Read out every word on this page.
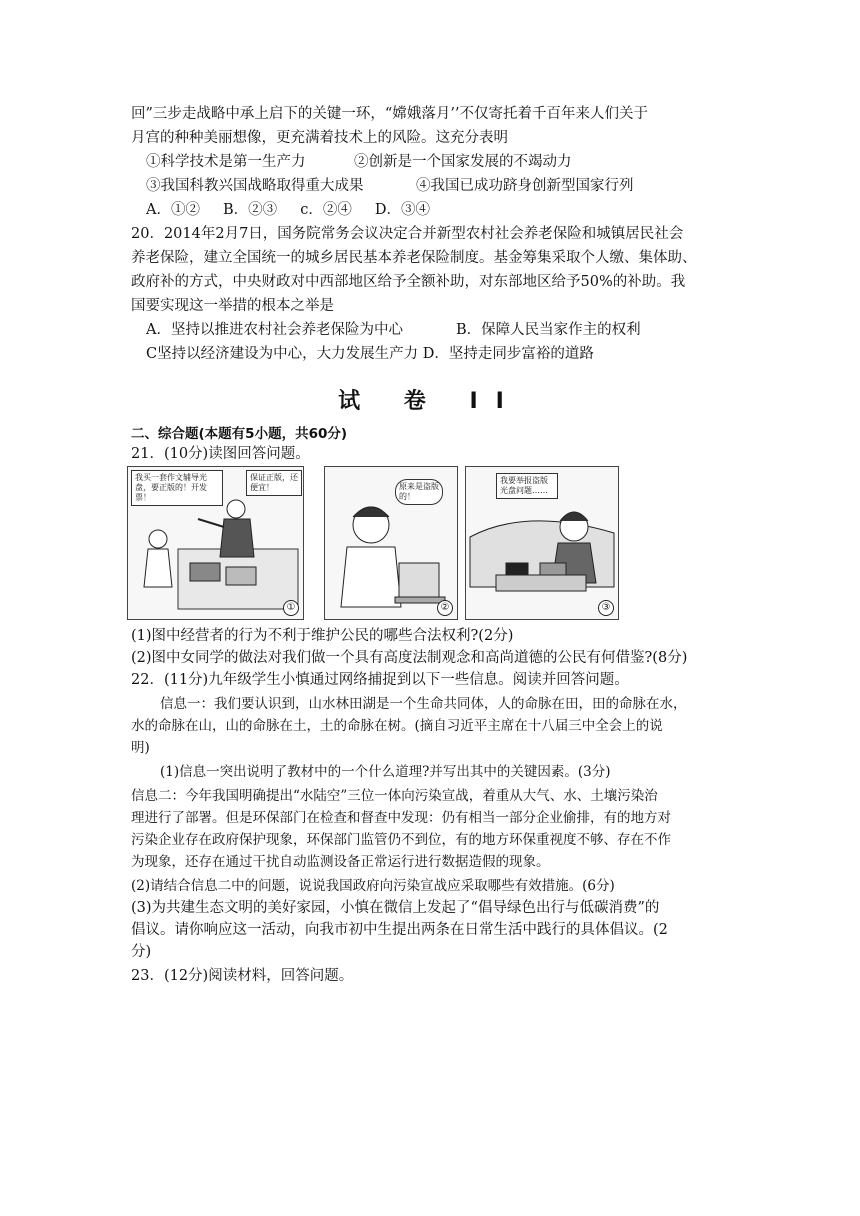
回”三步走战略中承上启下的关键一环，“嫦娥落月’’不仅寄托着千百年来人们关于
月宫的种种美丽想像，更充满着技术上的风险。这充分表明
①科学技术是第一生产力	②创新是一个国家发展的不竭动力
③我国科教兴国战略取得重大成果	④我国已成功跻身创新型国家行列
A．①②     B．②③     c．②④     D．③④
20．2014年2月7日，国务院常务会议决定合并新型农村社会养老保险和城镇居民社会
养老保险，建立全国统一的城乡居民基本养老保险制度。基金筹集采取个人缴、集体助、
政府补的方式，中央财政对中西部地区给予全额补助，对东部地区给予50%的补助。我
国要实现这一举措的根本之举是
A．坚持以推进农村社会养老保险为中心	B．保障人民当家作主的权利
C坚持以经济建设为中心，大力发展生产力 D．坚持走同步富裕的道路
试 卷 II
二、综合题(本题有5小题，共60分)
21．(10分)读图回答问题。
我买一套作文辅导光盘，要正版的！开发票！
保证正版，还便宜！
①
原来是盗版的！
②
我要举报盗版光盘问题……
③
(1)图中经营者的行为不利于维护公民的哪些合法权利?(2分)
(2)图中女同学的做法对我们做一个具有高度法制观念和高尚道德的公民有何借鉴?(8分)
22．(11分)九年级学生小慎通过网络捕捉到以下一些信息。阅读并回答问题。
信息一：我们要认识到，山水林田湖是一个生命共同体，人的命脉在田，田的命脉在水，
水的命脉在山，山的命脉在土，土的命脉在树。(摘自习近平主席在十八届三中全会上的说
明)
(1)信息一突出说明了教材中的一个什么道理?并写出其中的关键因素。(3分)
信息二：今年我国明确提出“水陆空”三位一体向污染宣战，着重从大气、水、土壤污染治
理进行了部署。但是环保部门在检查和督查中发现：仍有相当一部分企业偷排，有的地方对
污染企业存在政府保护现象，环保部门监管仍不到位，有的地方环保重视度不够、存在不作
为现象，还存在通过干扰自动监测设备正常运行进行数据造假的现象。
(2)请结合信息二中的问题，说说我国政府向污染宣战应采取哪些有效措施。(6分)
(3)为共建生态文明的美好家园，小慎在微信上发起了“倡导绿色出行与低碳消费”的
倡议。请你响应这一活动，向我市初中生提出两条在日常生活中践行的具体倡议。(2
分)
23．(12分)阅读材料，回答问题。
